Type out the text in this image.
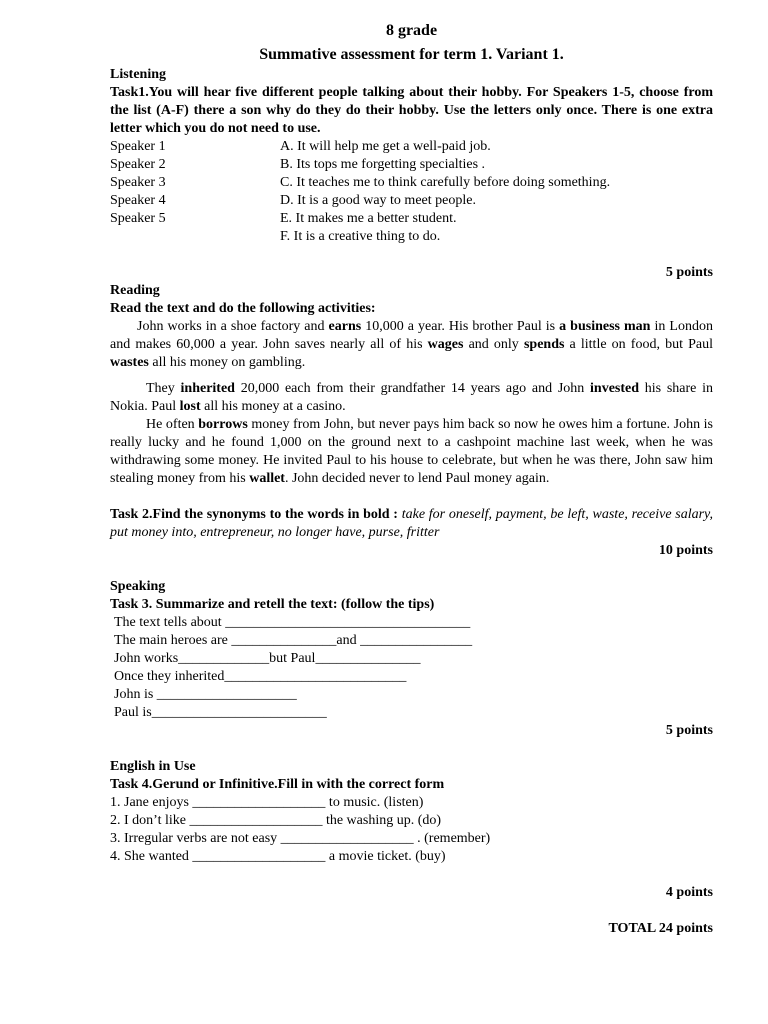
8 grade
Summative assessment for term 1. Variant 1.
Listening
Task1.You will hear five different people talking about their hobby. For Speakers 1-5, choose from the list (A-F) there a son why do they do their hobby. Use the letters only once. There is one extra letter which you do not need to use.
Speaker 1	A. It will help me get a well-paid job.
Speaker 2	B. Its tops me forgetting specialties .
Speaker 3	C. It teaches me to think carefully before doing something.
Speaker 4	D. It is a good way to meet people.
Speaker 5	E. It makes me a better student.
F. It is a creative thing to do.
5 points
Reading
Read the text and do the following activities:
John works in a shoe factory and earns 10,000 a year. His brother Paul is a business man in London and makes 60,000 a year. John saves nearly all of his wages and only spends a little on food, but Paul wastes all his money on gambling.
They inherited 20,000 each from their grandfather 14 years ago and John invested his share in Nokia. Paul lost all his money at a casino.
He often borrows money from John, but never pays him back so now he owes him a fortune. John is really lucky and he found 1,000 on the ground next to a cashpoint machine last week, when he was withdrawing some money. He invited Paul to his house to celebrate, but when he was there, John saw him stealing money from his wallet. John decided never to lend Paul money again.
Task 2.Find the synonyms to the words in bold : take for oneself, payment, be left, waste, receive salary, put money into, entrepreneur, no longer have, purse, fritter
10 points
Speaking
Task 3. Summarize and retell the text: (follow the tips)
The text tells about ___________________________________
The main heroes are _______________and ________________
John works_____________but Paul_______________
Once they inherited__________________________
John is ____________________
Paul is_________________________
5 points
English in Use
Task 4.Gerund or Infinitive.Fill in with the correct form
1. Jane enjoys ___________________ to music. (listen)
2. I don’t like ___________________ the washing up. (do)
3. Irregular verbs are not easy ___________________ . (remember)
4. She wanted ___________________ a movie ticket. (buy)
4 points
TOTAL 24 points
